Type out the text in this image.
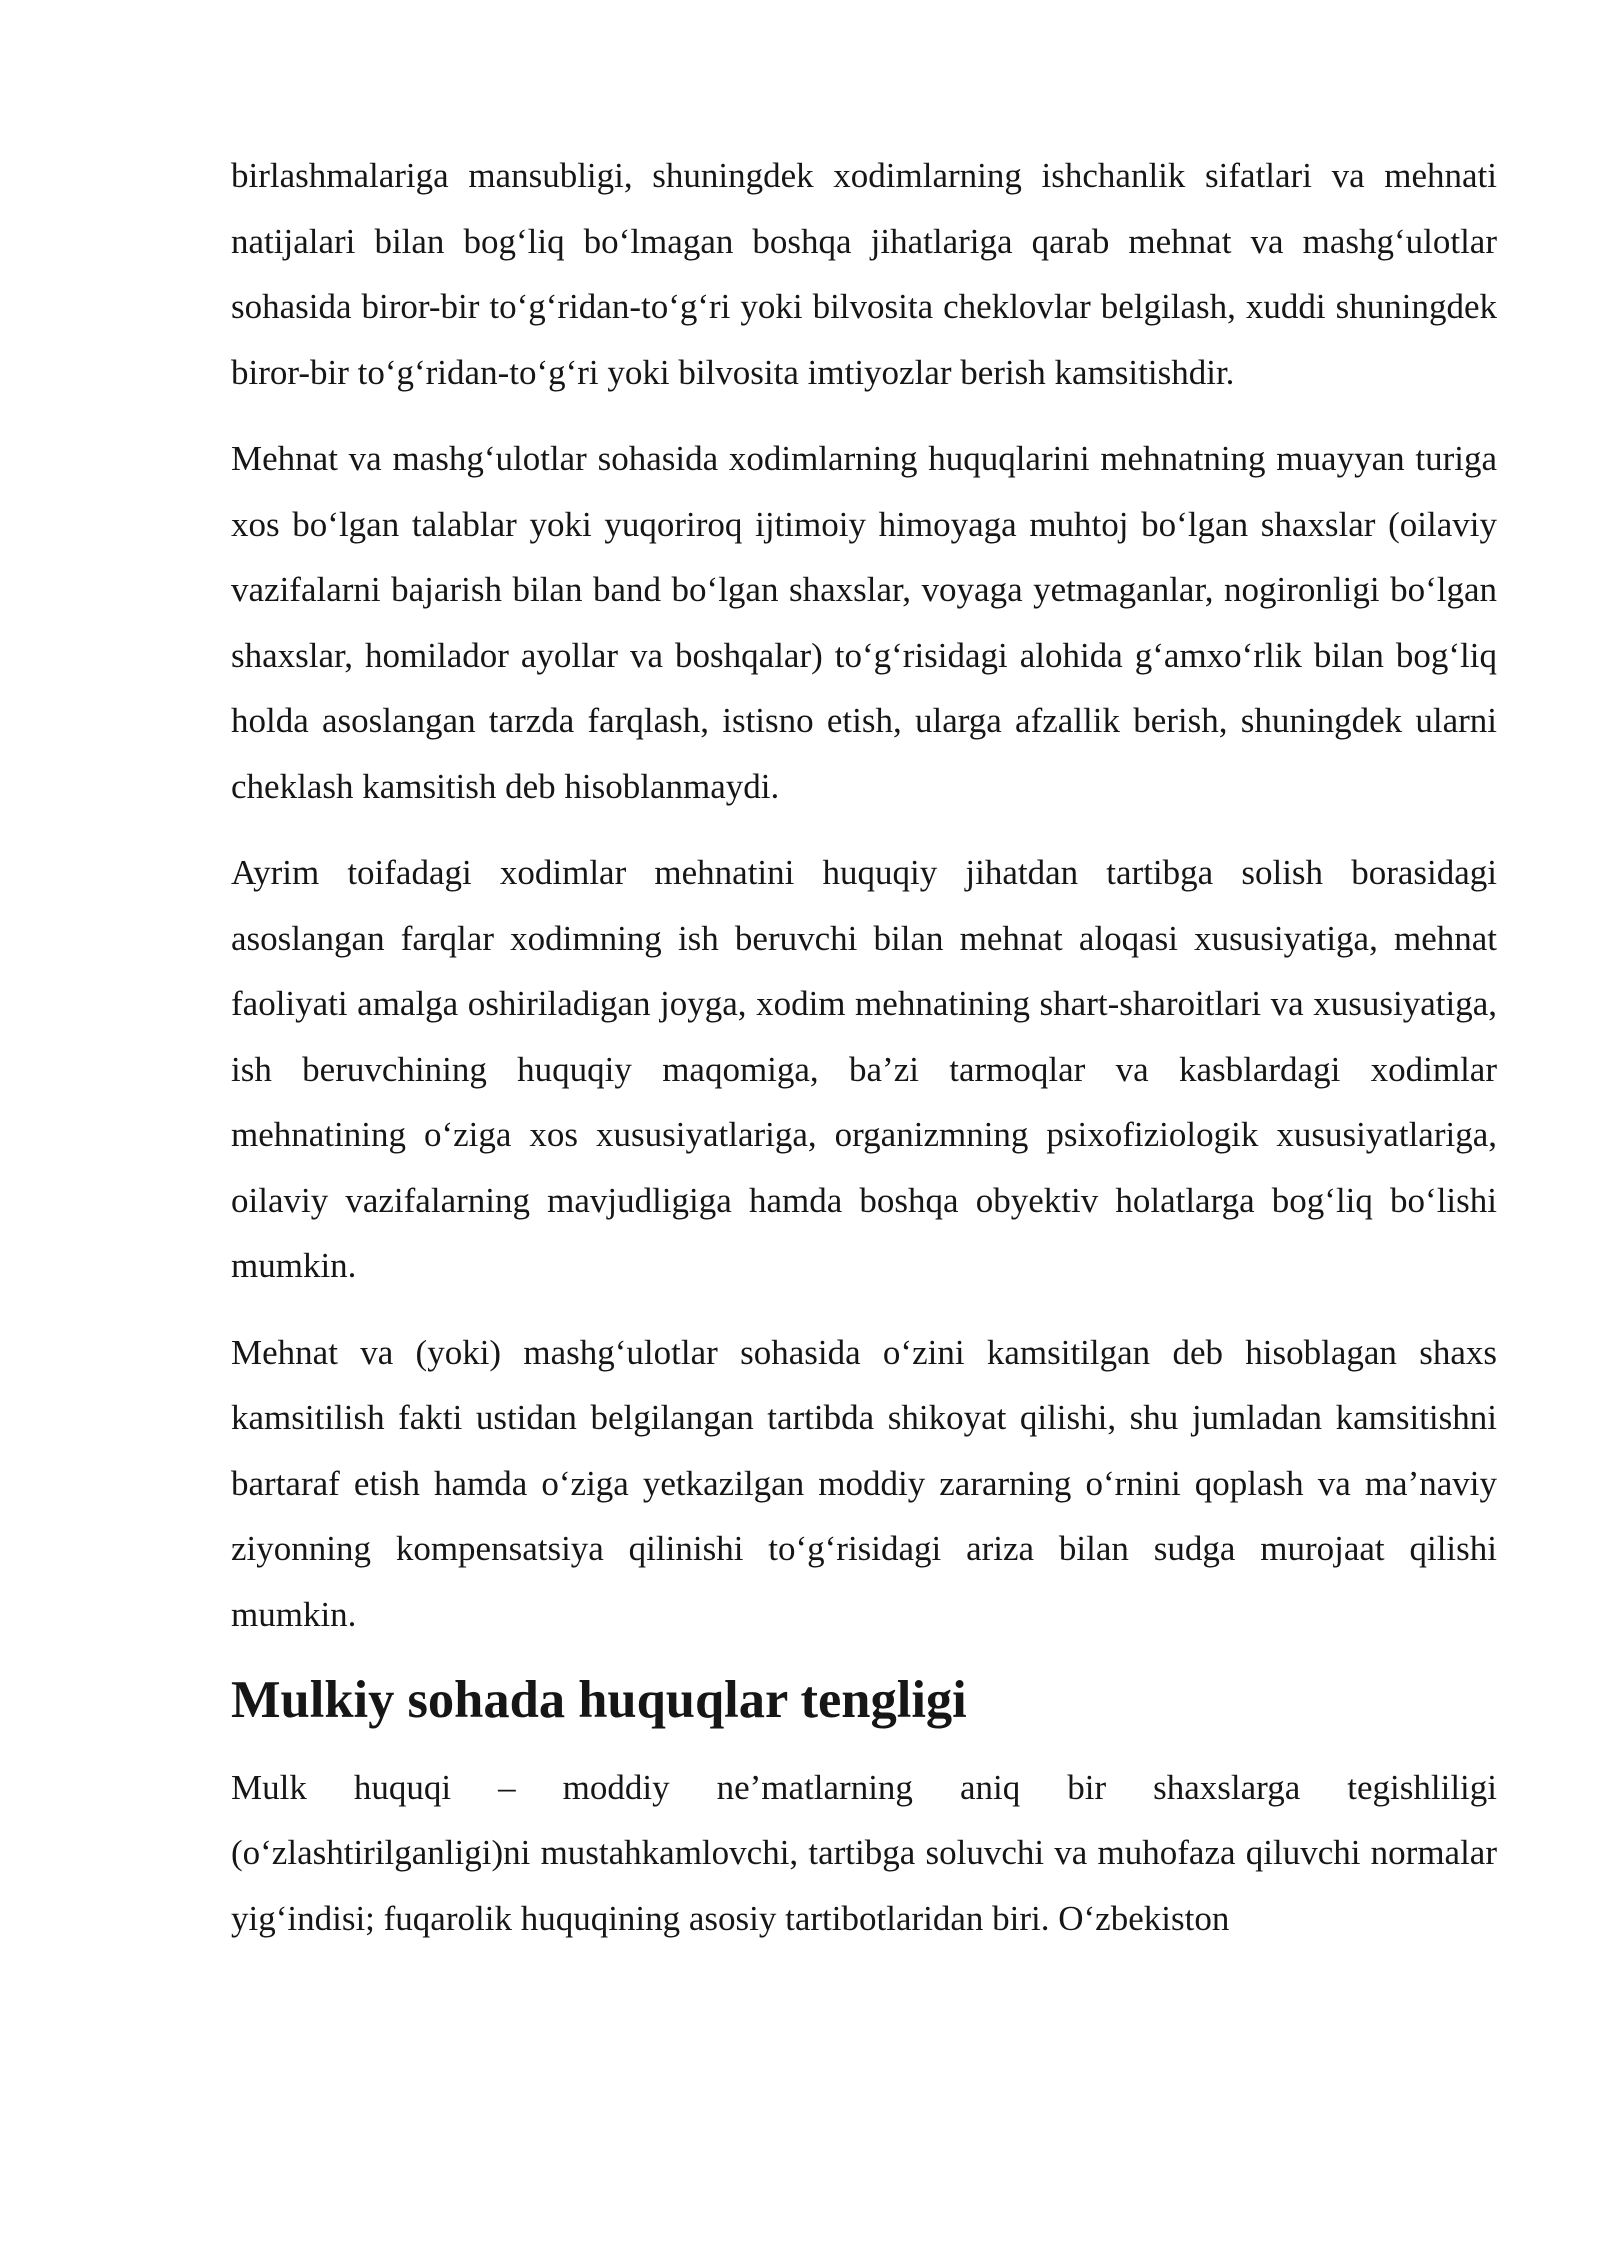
birlashmalariga mansubligi, shuningdek xodimlarning ishchanlik sifatlari va mehnati natijalari bilan bog‘liq bo‘lmagan boshqa jihatlariga qarab mehnat va mashg‘ulotlar sohasida biror-bir to‘g‘ridan-to‘g‘ri yoki bilvosita cheklovlar belgilash, xuddi shuningdek biror-bir to‘g‘ridan-to‘g‘ri yoki bilvosita imtiyozlar berish kamsitishdir.

Mehnat va mashg‘ulotlar sohasida xodimlarning huquqlarini mehnatning muayyan turiga xos bo‘lgan talablar yoki yuqoriroq ijtimoiy himoyaga muhtoj bo‘lgan shaxslar (oilaviy vazifalarni bajarish bilan band bo‘lgan shaxslar, voyaga yetmaganlar, nogironligi bo‘lgan shaxslar, homilador ayollar va boshqalar) to‘g‘risidagi alohida g‘amxo‘rlik bilan bog‘liq holda asoslangan tarzda farqlash, istisno etish, ularga afzallik berish, shuningdek ularni cheklash kamsitish deb hisoblanmaydi.

Ayrim toifadagi xodimlar mehnatini huquqiy jihatdan tartibga solish borasidagi asoslangan farqlar xodimning ish beruvchi bilan mehnat aloqasi xususiyatiga, mehnat faoliyati amalga oshiriladigan joyga, xodim mehnatining shart-sharoitlari va xususiyatiga, ish beruvchining huquqiy maqomiga, ba’zi tarmoqlar va kasblardagi xodimlar mehnatining o‘ziga xos xususiyatlariga, organizmning psixofiziologik xususiyatlariga, oilaviy vazifalarning mavjudligiga hamda boshqa obyektiv holatlarga bog‘liq bo‘lishi mumkin.

Mehnat va (yoki) mashg‘ulotlar sohasida o‘zini kamsitilgan deb hisoblagan shaxs kamsitilish fakti ustidan belgilangan tartibda shikoyat qilishi, shu jumladan kamsitishni bartaraf etish hamda o‘ziga yetkazilgan moddiy zararning o‘rnini qoplash va ma’naviy ziyonning kompensatsiya qilinishi to‘g‘risidagi ariza bilan sudga murojaat qilishi mumkin.

Mulkiy sohada huquqlar tengligi

Mulk huquqi – moddiy ne’matlarning aniq bir shaxslarga tegishliligi (o‘zlashtirilganligi)ni mustahkamlovchi, tartibga soluvchi va muhofaza qiluvchi normalar yig‘indisi; fuqarolik huquqining asosiy tartibotlaridan biri. O‘zbekiston
